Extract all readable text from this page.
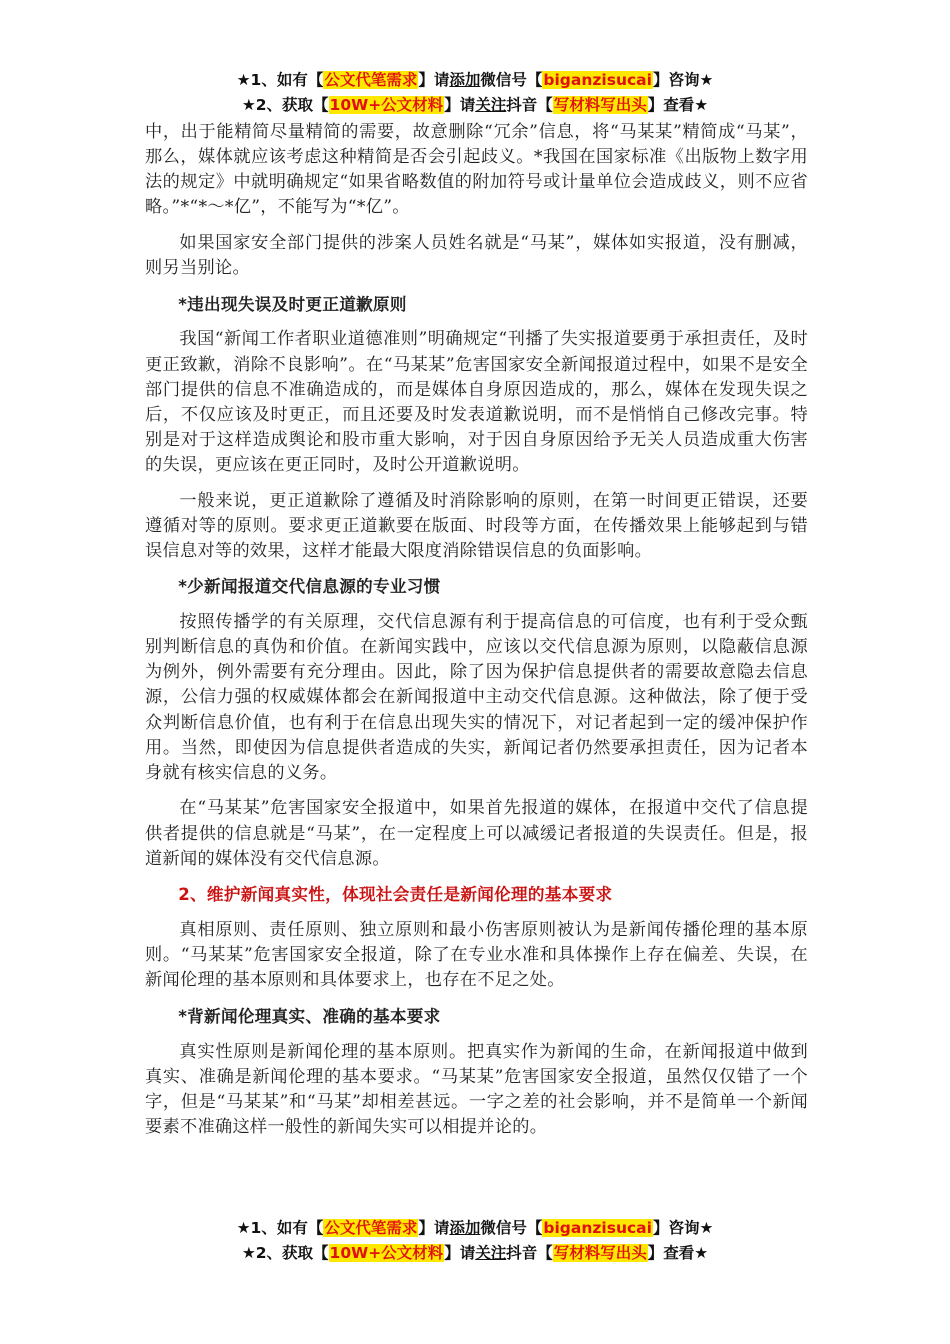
★1、如有【公文代笔需求】请添加微信号【biganzisucai】咨询★
★2、获取【10W+公文材料】请关注抖音【写材料写出头】查看★

中，出于能精简尽量精简的需要，故意删除“冗余”信息，将“马某某”精简成“马某”，那么，媒体就应该考虑这种精简是否会引起歧义。*我国在国家标准《出版物上数字用法的规定》中就明确规定“如果省略数值的附加符号或计量单位会造成歧义，则不应省略。”*“*～*亿”，不能写为“*亿”。

如果国家安全部门提供的涉案人员姓名就是“马某”，媒体如实报道，没有删减，则另当别论。

*违出现失误及时更正道歉原则

我国“新闻工作者职业道德准则”明确规定“刊播了失实报道要勇于承担责任，及时更正致歉，消除不良影响”。在“马某某”危害国家安全新闻报道过程中，如果不是安全部门提供的信息不准确造成的，而是媒体自身原因造成的，那么，媒体在发现失误之后，不仅应该及时更正，而且还要及时发表道歉说明，而不是悄悄自己修改完事。特别是对于这样造成舆论和股市重大影响，对于因自身原因给予无关人员造成重大伤害的失误，更应该在更正同时，及时公开道歉说明。

一般来说，更正道歉除了遵循及时消除影响的原则，在第一时间更正错误，还要遵循对等的原则。要求更正道歉要在版面、时段等方面，在传播效果上能够起到与错误信息对等的效果，这样才能最大限度消除错误信息的负面影响。

*少新闻报道交代信息源的专业习惯

按照传播学的有关原理，交代信息源有利于提高信息的可信度，也有利于受众甄别判断信息的真伪和价值。在新闻实践中，应该以交代信息源为原则，以隐蔽信息源为例外，例外需要有充分理由。因此，除了因为保护信息提供者的需要故意隐去信息源，公信力强的权威媒体都会在新闻报道中主动交代信息源。这种做法，除了便于受众判断信息价值，也有利于在信息出现失实的情况下，对记者起到一定的缓冲保护作用。当然，即使因为信息提供者造成的失实，新闻记者仍然要承担责任，因为记者本身就有核实信息的义务。

在“马某某”危害国家安全报道中，如果首先报道的媒体，在报道中交代了信息提供者提供的信息就是“马某”，在一定程度上可以减缓记者报道的失误责任。但是，报道新闻的媒体没有交代信息源。

2、维护新闻真实性，体现社会责任是新闻伦理的基本要求

真相原则、责任原则、独立原则和最小伤害原则被认为是新闻传播伦理的基本原则。“马某某”危害国家安全报道，除了在专业水准和具体操作上存在偏差、失误，在新闻伦理的基本原则和具体要求上，也存在不足之处。

*背新闻伦理真实、准确的基本要求

真实性原则是新闻伦理的基本原则。把真实作为新闻的生命，在新闻报道中做到真实、准确是新闻伦理的基本要求。“马某某”危害国家安全报道，虽然仅仅错了一个字，但是“马某某”和“马某”却相差甚远。一字之差的社会影响，并不是简单一个新闻要素不准确这样一般性的新闻失实可以相提并论的。

★1、如有【公文代笔需求】请添加微信号【biganzisucai】咨询★
★2、获取【10W+公文材料】请关注抖音【写材料写出头】查看★
